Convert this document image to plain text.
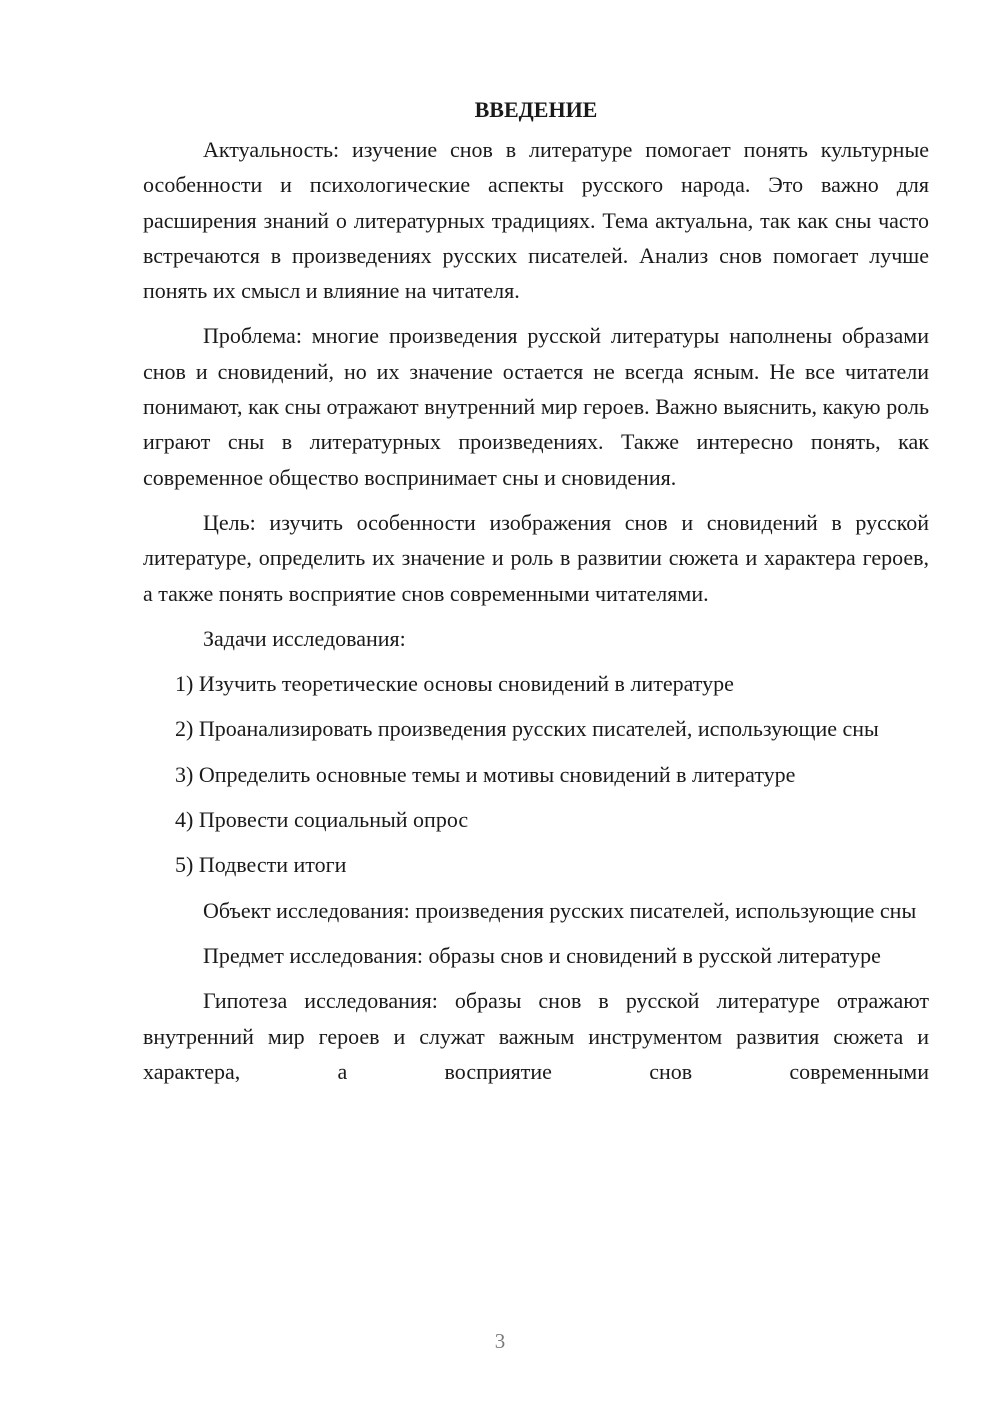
ВВЕДЕНИЕ

Актуальность: изучение снов в литературе помогает понять культурные особенности и психологические аспекты русского народа. Это важно для расширения знаний о литературных традициях. Тема актуальна, так как сны часто встречаются в произведениях русских писателей. Анализ снов помогает лучше понять их смысл и влияние на читателя.

Проблема: многие произведения русской литературы наполнены образами снов и сновидений, но их значение остается не всегда ясным. Не все читатели понимают, как сны отражают внутренний мир героев. Важно выяснить, какую роль играют сны в литературных произведениях. Также интересно понять, как современное общество воспринимает сны и сновидения.

Цель: изучить особенности изображения снов и сновидений в русской литературе, определить их значение и роль в развитии сюжета и характера героев, а также понять восприятие снов современными читателями.

Задачи исследования:

1) Изучить теоретические основы сновидений в литературе

2) Проанализировать произведения русских писателей, использующие сны

3) Определить основные темы и мотивы сновидений в литературе

4) Провести социальный опрос

5) Подвести итоги

Объект исследования: произведения русских писателей, использующие сны

Предмет исследования: образы снов и сновидений в русской литературе

Гипотеза исследования: образы снов в русской литературе отражают внутренний мир героев и служат важным инструментом развития сюжета и характера, а восприятие снов современными

3
